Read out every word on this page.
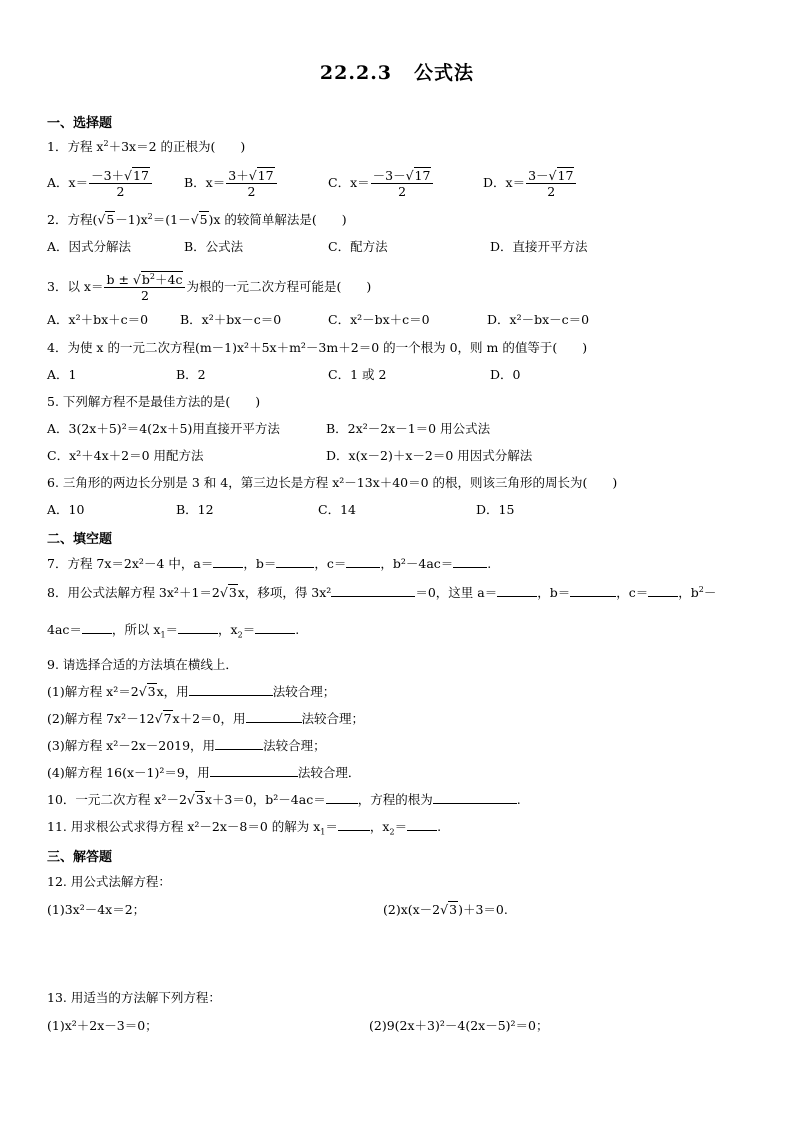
22.2.3 公式法
一、选择题
1．方程 $x^2+3x=2$ 的正根为(　　)
A．$x= \frac{-3+√17}{2}$	B．$x= \frac{3+√17}{2}$	C．$x= \frac{-3-√17}{2}$	D．$x= \frac{3-√17}{2}$
2．方程$(√5-1)x^2=(1-√5)x$ 的较简单解法是(　　)
A．因式分解法	B．公式法	C．配方法	D．直接开平方法
3．以 $x= \frac{b \pm √b^2+4c}{2}$ 为根的一元二次方程可能是(　　)
A．x²＋bx＋c＝0	B．x²＋bx－c＝0	C．x²－bx＋c＝0	D．x²－bx－c＝0
4．为使 x 的一元二次方程(m－1)x²＋5x＋m²－3m＋2＝0 的一个根为 0，则 m 的值等于(　　)
A．1	B．2	C．1 或 2	D．0
5. 下列解方程不是最佳方法的是(　　)
A．3(2x＋5)²＝4(2x＋5)用直接开平方法	B．2x²－2x－1＝0 用公式法
C．x²＋4x＋2＝0 用配方法	D．x(x－2)＋x－2＝0 用因式分解法
6. 三角形的两边长分别是 3 和 4，第三边长是方程 x²－13x＋40＝0 的根，则该三角形的周长为(　　)
A．10	B．12	C．14	D．15
二、填空题
7．方程 7x＝2x²－4 中，a＝ ，b＝	，c＝	，b²－4ac＝	.
8．用公式法解方程 3x²＋1＝2√3x，移项，得 3x²	＝0，这里 a＝	，b＝	，c＝ ，$b^2-$
4ac＝ ，所以 $x_1=$	，$x_2=$	.
9. 请选择合适的方法填在横线上．
(1)解方程 x²＝2√3x，用	法较合理；
(2)解方程 7x²－12√7x＋2＝0，用	法较合理；
(3)解方程 x²－2x－2019，用	法较合理；
(4)解方程 16(x－1)²＝9，用	法较合理．
10．一元二次方程 x²－2√3x＋3＝0，b²－4ac＝	，方程的根为	.
11. 用求根公式求得方程 x²－2x－8＝0 的解为 $x_1=$	，$x_2=$ .
三、解答题
12. 用公式法解方程：
(1)3x²－4x＝2；	(2)x(x－2√3)＋3＝0.
13. 用适当的方法解下列方程：
(1)x²＋2x－3＝0；	(2)9(2x＋3)²－4(2x－5)²＝0；
